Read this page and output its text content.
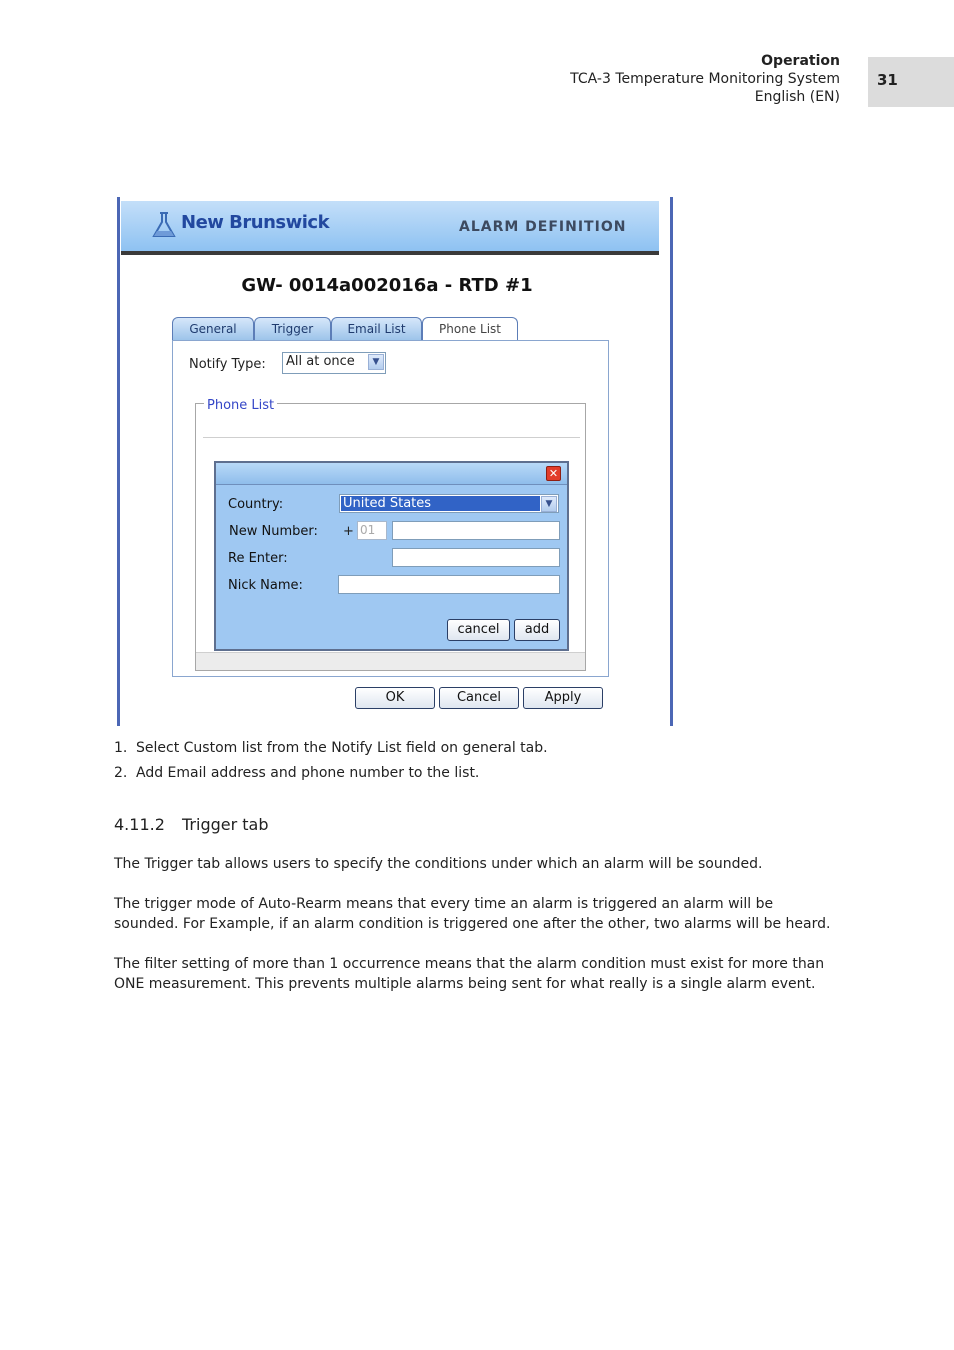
Operation
TCA-3 Temperature Monitoring System
English (EN)
31
New Brunswick	ALARM DEFINITION
GW- 0014a002016a - RTD #1
General	Trigger	Email List	Phone List
Notify Type: All at once	▼
Phone List
✕
Country:	United States	▼
New Number: + 01
Re Enter:
Nick Name:
cancel	add
OK	Cancel	Apply
1. Select Custom list from the Notify List field on general tab.
2. Add Email address and phone number to the list.
4.11.2 Trigger tab
The Trigger tab allows users to specify the conditions under which an alarm will be sounded.
The trigger mode of Auto-Rearm means that every time an alarm is triggered an alarm will be sounded. For Example, if an alarm condition is triggered one after the other, two alarms will be heard.
The filter setting of more than 1 occurrence means that the alarm condition must exist for more than ONE measurement. This prevents multiple alarms being sent for what really is a single alarm event.
